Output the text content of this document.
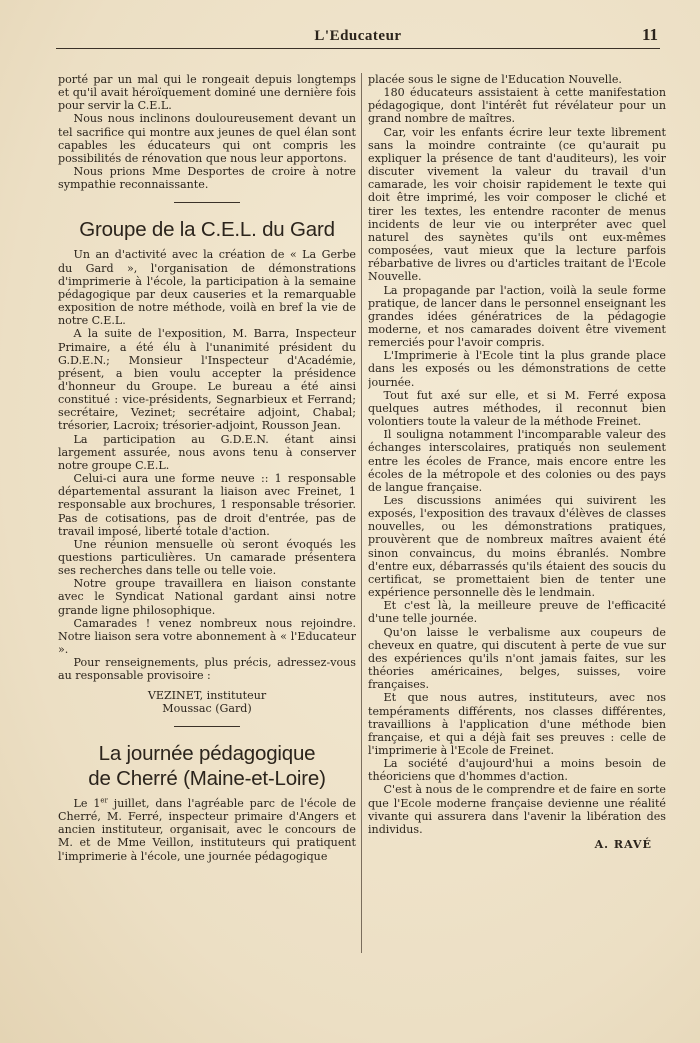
L'Educateur	11

porté par un mal qui le rongeait depuis longtemps et qu'il avait héroïquement dominé une dernière fois pour servir la C.E.L.

Nous nous inclinons douloureusement devant un tel sacrifice qui montre aux jeunes de quel élan sont capables les éducateurs qui ont compris les possibilités de rénovation que nous leur apportons.

Nous prions Mme Desportes de croire à notre sympathie reconnaissante.

Groupe de la C.E.L. du Gard

Un an d'activité avec la création de « La Gerbe du Gard », l'organisation de démonstrations d'imprimerie à l'école, la participation à la semaine pédagogique par deux causeries et la remarquable exposition de notre méthode, voilà en bref la vie de notre C.E.L.

A la suite de l'exposition, M. Barra, Inspecteur Primaire, a été élu à l'unanimité président du G.D.E.N.; Monsieur l'Inspecteur d'Académie, présent, a bien voulu accepter la présidence d'honneur du Groupe. Le bureau a été ainsi constitué : vice-présidents, Segnarbieux et Ferrand; secrétaire, Vezinet; secrétaire adjoint, Chabal; trésorier, Lacroix; trésorier-adjoint, Rousson Jean.

La participation au G.D.E.N. étant ainsi largement assurée, nous avons tenu à conserver notre groupe C.E.L.

Celui-ci aura une forme neuve :: 1 responsable départemental assurant la liaison avec Freinet, 1 responsable aux brochures, 1 responsable trésorier. Pas de cotisations, pas de droit d'entrée, pas de travail imposé, liberté totale d'action.

Une réunion mensuelle où seront évoqués les questions particulières. Un camarade présentera ses recherches dans telle ou telle voie.

Notre groupe travaillera en liaison constante avec le Syndicat National gardant ainsi notre grande ligne philosophique.

Camarades ! venez nombreux nous rejoindre. Notre liaison sera votre abonnement à « l'Educateur ».

Pour renseignements, plus précis, adressez-vous au responsable provisoire :

VEZINET, instituteur

Moussac (Gard)

La journée pédagogique
de Cherré (Maine-et-Loire)

Le 1er juillet, dans l'agréable parc de l'école de Cherré, M. Ferré, inspecteur primaire d'Angers et ancien instituteur, organisait, avec le concours de M. et de Mme Veillon, instituteurs qui pratiquent l'imprimerie à l'école, une journée pédagogique

placée sous le signe de l'Education Nouvelle.

180 éducateurs assistaient à cette manifestation pédagogique, dont l'intérêt fut révélateur pour un grand nombre de maîtres.

Car, voir les enfants écrire leur texte librement sans la moindre contrainte (ce qu'aurait pu expliquer la présence de tant d'auditeurs), les voir discuter vivement la valeur du travail d'un camarade, les voir choisir rapidement le texte qui doit être imprimé, les voir composer le cliché et tirer les textes, les entendre raconter de menus incidents de leur vie ou interpréter avec quel naturel des saynètes qu'ils ont eux-mêmes composées, vaut mieux que la lecture parfois rébarbative de livres ou d'articles traitant de l'Ecole Nouvelle.

La propagande par l'action, voilà la seule forme pratique, de lancer dans le personnel enseignant les grandes idées génératrices de la pédagogie moderne, et nos camarades doivent être vivement remerciés pour l'avoir compris.

L'Imprimerie à l'Ecole tint la plus grande place dans les exposés ou les démonstrations de cette journée.

Tout fut axé sur elle, et si M. Ferré exposa quelques autres méthodes, il reconnut bien volontiers toute la valeur de la méthode Freinet.

Il souligna notamment l'incomparable valeur des échanges interscolaires, pratiqués non seulement entre les écoles de France, mais encore entre les écoles de la métropole et des colonies ou des pays de langue française.

Les discussions animées qui suivirent les exposés, l'exposition des travaux d'élèves de classes nouvelles, ou les démonstrations pratiques, prouvèrent que de nombreux maîtres avaient été sinon convaincus, du moins ébranlés. Nombre d'entre eux, débarrassés qu'ils étaient des soucis du certificat, se promettaient bien de tenter une expérience personnelle dès le lendmain.

Et c'est là, la meilleure preuve de l'efficacité d'une telle journée.

Qu'on laisse le verbalisme aux coupeurs de cheveux en quatre, qui discutent à perte de vue sur des expériences qu'ils n'ont jamais faites, sur les théories américaines, belges, suisses, voire françaises.

Et que nous autres, instituteurs, avec nos tempéraments différents, nos classes différentes, travaillions à l'application d'une méthode bien française, et qui a déjà fait ses preuves : celle de l'imprimerie à l'Ecole de Freinet.

La société d'aujourd'hui a moins besoin de théoriciens que d'hommes d'action.

C'est à nous de le comprendre et de faire en sorte que l'Ecole moderne française devienne une réalité vivante qui assurera dans l'avenir la libération des individus.

A. RAVÉ
